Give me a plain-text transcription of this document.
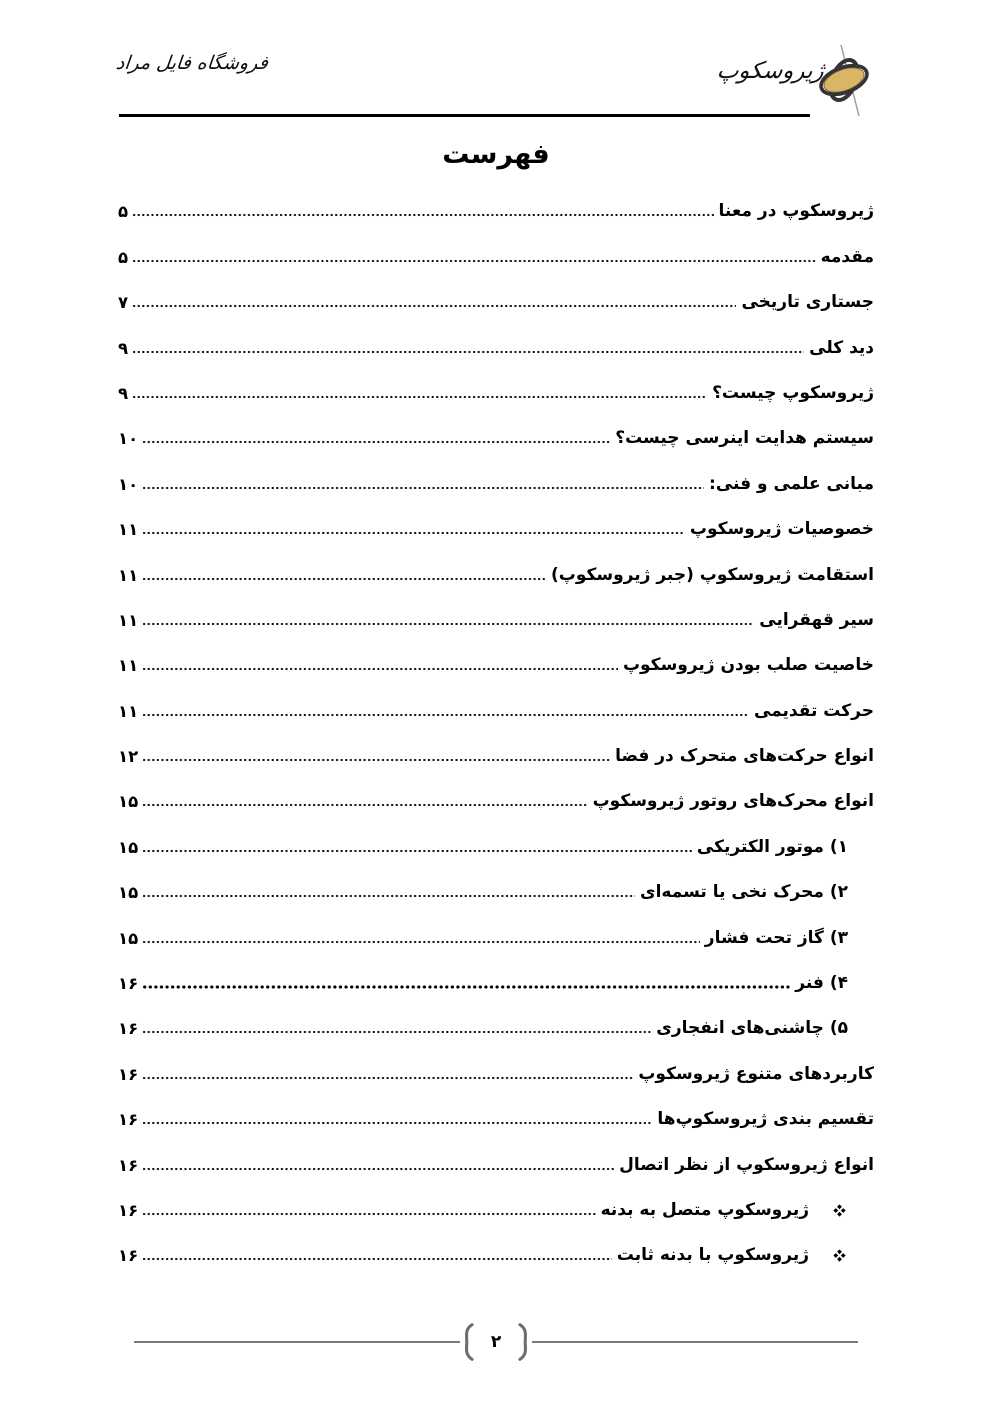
فروشگاه فایل مراد	ژیروسکوپ
فهرست
ژیروسکوپ در معنا
۵
مقدمه
۵
جستاری تاریخی
۷
دید کلی
۹
ژیروسکوپ چیست؟
۹
سیستم هدایت اینرسی چیست؟
۱۰
مبانی علمی و فنی:
۱۰
خصوصیات ژیروسکوپ
۱۱
استقامت ژیروسکوپ (جبر ژیروسکوپ)
۱۱
سیر قهقرایی
۱۱
خاصیت صلب بودن ژیروسکوپ
۱۱
حرکت تقدیمی
۱۱
انواع حرکت‌های متحرک در فضا
۱۲
انواع محرک‌های روتور ژیروسکوپ
۱۵
۱) موتور الکتریکی
۱۵
۲) محرک نخی یا تسمه‌ای
۱۵
۳) گاز تحت فشار
۱۵
۴) فنر
۱۶
۵) چاشنی‌های انفجاری
۱۶
کاربردهای متنوع ژیروسکوپ
۱۶
تقسیم بندی ژیروسکوپ‌ها
۱۶
انواع ژیروسکوپ از نظر اتصال
۱۶
ژیروسکوپ متصل به بدنه
۱۶
ژیروسکوپ با بدنه ثابت
۱۶
۲
